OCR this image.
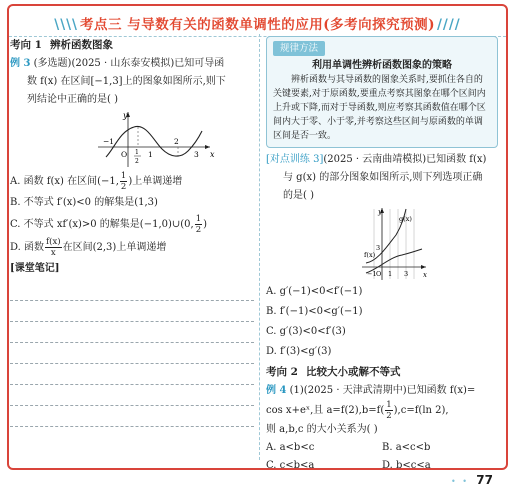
\\\\ 考点三 与导数有关的函数单调性的应用(多考向探究预测) ////
考向 1 辨析函数图象

例 3 (多选题)(2025 · 山东泰安模拟)已知可导函

数 f(x) 在区间[−1,3]上的图象如图所示,则下

列结论中正确的是( )

y
x
O
−1
1
2
3
1
2
A. 函数 f(x) 在区间(−1, $\frac{1}{2}$ )上单调递增
B. 不等式 f′(x)<0 的解集是(1,3)
C. 不等式 xf′(x)>0 的解集是(−1,0)∪(0, $\frac{1}{2}$ )
D. 函数 $\frac{f(x)}{x}$ 在区间(2,3)上单调递增
[课堂笔记]
规律方法
利用单调性辨析函数图象的策略
辨析函数与其导函数的图象关系时,要抓住各自的关键要素,对于原函数,要重点考察其图象在哪个区间内上升或下降,而对于导函数,则应考察其函数值在哪个区间内大于零、小于零,并考察这些区间与原函数的单调区间是否一致。

[对点训练 3](2025 · 云南曲靖模拟)已知函数 f(x)

与 g(x) 的部分图象如图所示,则下列选项正确

的是( )

y
x
O
g(x)
f(x)
−1 1 3
3
A. g′(−1)<0<f′(−1)
B. f′(−1)<0<g′(−1)
C. g′(3)<0<f′(3)
D. f′(3)<g′(3)
考向 2 比较大小或解不等式

例 4 (1)(2025 · 天津武清期中)已知函数 f(x)=

cos x+eˣ,且 $a=f(2),b=f( \frac{1}{2} ),c=f(\ln$ 2),

则 a,b,c 的大小关系为( )

A. a<b<c	B. a<c<b
C. c<b<a	D. b<c<a
• • 77
